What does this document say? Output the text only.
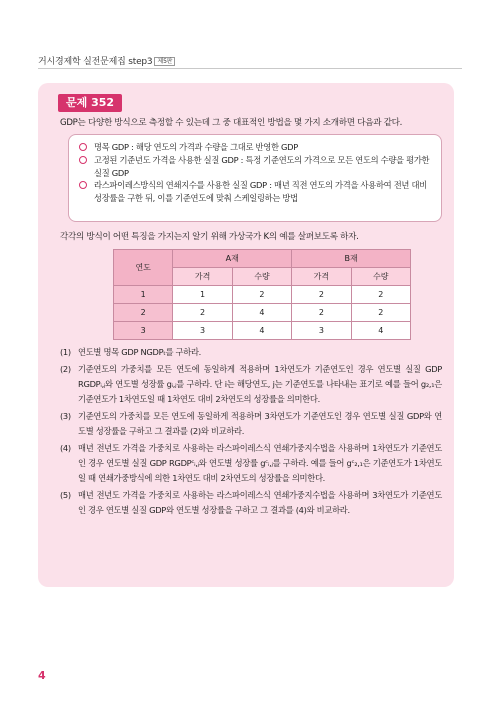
거시경제학 실전문제집 step3 제5판
문제 352
GDP는 다양한 방식으로 측정할 수 있는데 그 중 대표적인 방법을 몇 가지 소개하면 다음과 같다.
명목 GDP : 해당 연도의 가격과 수량을 그대로 반영한 GDP
고정된 기준년도 가격을 사용한 실질 GDP : 특정 기준연도의 가격으로 모든 연도의 수량을 평가한 실질 GDP
라스파이레스방식의 연쇄지수를 사용한 실질 GDP : 매년 직전 연도의 가격을 사용하여 전년 대비 성장률을 구한 뒤, 이를 기준연도에 맞춰 스케일링하는 방법
각각의 방식이 어떤 특징을 가지는지 알기 위해 가상국가 K의 예를 살펴보도록 하자.
연도	A재		B재	
	가격	수량	가격	수량
1	1	2	2	2
2	2	4	2	2
3	3	4	3	4
(1) 연도별 명목 GDP NGDPₜ를 구하라.
(2) 기준연도의 가중치를 모든 연도에 동일하게 적용하며 1차연도가 기준연도인 경우 연도별 실질 GDP RGDPᵢ,ⱼ와 연도별 성장률 gᵢ,ⱼ를 구하라. 단 i는 해당연도, j는 기준연도를 나타내는 표기로 예를 들어 g₂,₁은 기준연도가 1차연도일 때 1차연도 대비 2차연도의 성장률을 의미한다.
(3) 기준연도의 가중치를 모든 연도에 동일하게 적용하며 3차연도가 기준연도인 경우 연도별 실질 GDP와 연도별 성장률을 구하고 그 결과를 (2)와 비교하라.
(4) 매년 전년도 가격을 가중치로 사용하는 라스파이레스식 연쇄가중지수법을 사용하며 1차연도가 기준연도인 경우 연도별 실질 GDP RGDPᶜᵢ,ⱼ와 연도별 성장률 gᶜᵢ,ⱼ를 구하라. 예를 들어 gᶜ₂,₁은 기준연도가 1차연도일 때 연쇄가중방식에 의한 1차연도 대비 2차연도의 성장률을 의미한다.
(5) 매년 전년도 가격을 가중치로 사용하는 라스파이레스식 연쇄가중지수법을 사용하며 3차연도가 기준연도인 경우 연도별 실질 GDP와 연도별 성장률을 구하고 그 결과를 (4)와 비교하라.
4
